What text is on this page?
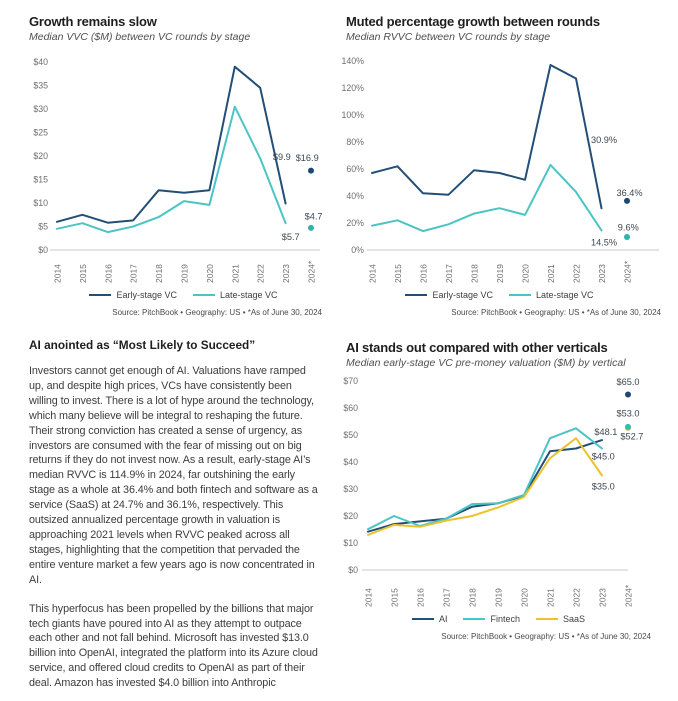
Growth remains slow
Median VVC ($M) between VC rounds by stage
$0
$5
$10
$15
$20
$25
$30
$35
$40
2014 2015 2016 2017 2018 2019 2020 2021 2022 2023 2024*
$9.9 $16.9
$4.7
$5.7
Early-stage VC	Late-stage VC
Source: PitchBook • Geography: US • *As of June 30, 2024
Muted percentage growth between rounds
Median RVVC between VC rounds by stage
0%
20%
40%
60%
80%
100%
120%
140%
2014 2015 2016 2017 2018 2019 2020 2021 2022 2023 2024*
30.9%
36.4%
9.6%
14.5%
Early-stage VC	Late-stage VC
Source: PitchBook • Geography: US • *As of June 30, 2024
AI anointed as “Most Likely to Succeed”

Investors cannot get enough of AI. Valuations have ramped up, and despite high prices, VCs have consistently been willing to invest. There is a lot of hype around the technology, which many believe will be integral to reshaping the future. Their strong conviction has created a sense of urgency, as investors are consumed with the fear of missing out on big returns if they do not invest now. As a result, early-stage AI’s median RVVC is 114.9% in 2024, far outshining the early stage as a whole at 36.4% and both fintech and software as a service (SaaS) at 24.7% and 36.1%, respectively. This outsized annualized percentage growth in valuation is approaching 2021 levels when RVVC peaked across all stages, highlighting that the competition that pervaded the entire venture market a few years ago is now concentrated in AI.

This hyperfocus has been propelled by the billions that major tech giants have poured into AI as they attempt to outpace each other and not fall behind. Microsoft has invested $13.0 billion into OpenAI, integrated the platform into its Azure cloud service, and offered cloud credits to OpenAI as part of their deal. Amazon has invested $4.0 billion into Anthropic

AI stands out compared with other verticals
Median early-stage VC pre-money valuation ($M) by vertical
$0
$10
$20
$30
$40
$50
$60
$70
2014 2015 2016 2017 2018 2019 2020 2021 2022 2023 2024*
$65.0
$53.0
$52.7
$48.1
$45.0
$35.0
AI	Fintech	SaaS
Source: PitchBook • Geography: US • *As of June 30, 2024
